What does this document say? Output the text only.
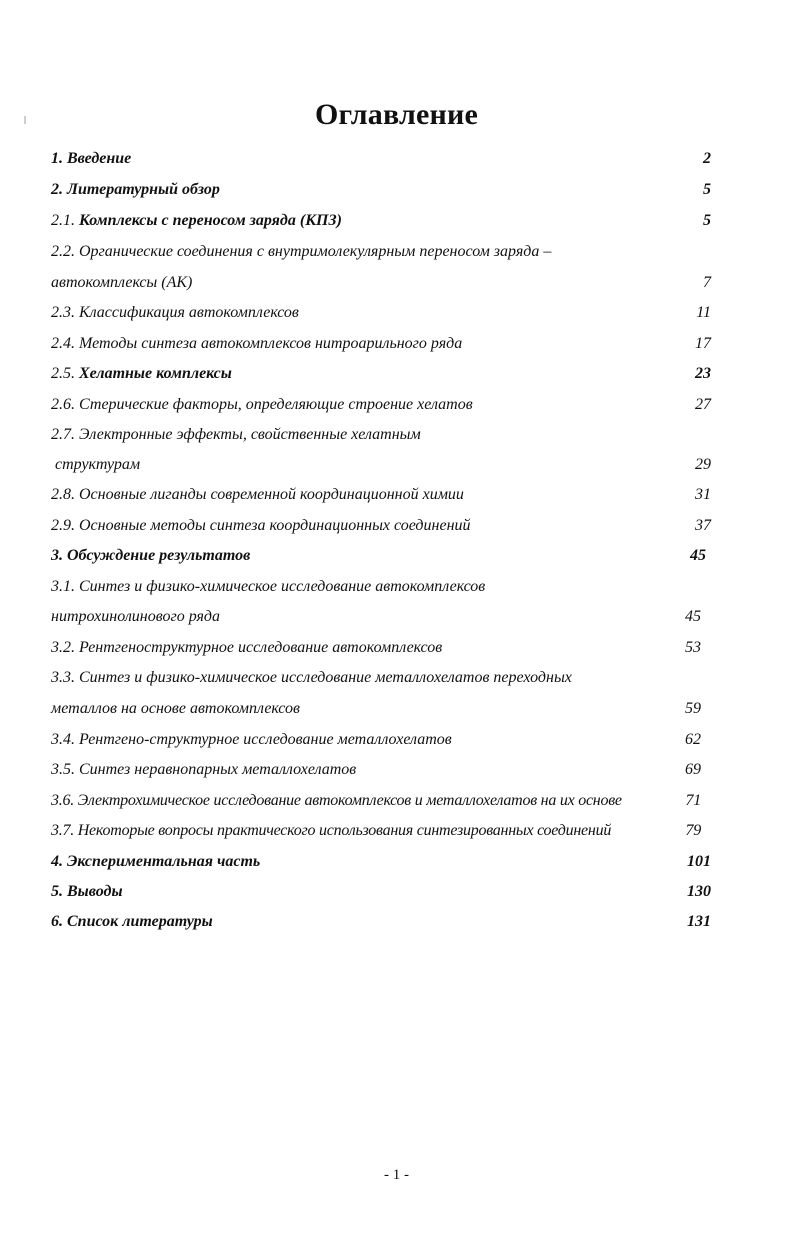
Оглавление
1. Введение	2
2. Литературный обзор	5
2.1. Комплексы с переносом заряда (КПЗ)	5
2.2. Органические соединения с внутримолекулярным переносом заряда –
автокомплексы (АК)	7
2.3. Классификация автокомплексов	11
2.4. Методы синтеза автокомплексов нитроарильного ряда	17
2.5. Хелатные комплексы	23
2.6. Стерические факторы, определяющие строение хелатов	27
2.7. Электронные эффекты, свойственные хелатным
структурам	29
2.8. Основные лиганды современной координационной химии	31
2.9. Основные методы синтеза координационных соединений	37
3. Обсуждение результатов	45
3.1. Синтез и физико-химическое исследование автокомплексов
нитрохинолинового ряда	45
3.2. Рентгеноструктурное исследование автокомплексов	53
3.3. Синтез и физико-химическое исследование металлохелатов переходных
металлов на основе автокомплексов	59
3.4. Рентгено-структурное исследование металлохелатов	62
3.5. Синтез неравнопарных металлохелатов	69
3.6. Электрохимическое исследование автокомплексов и металлохелатов на их основе	71
3.7. Некоторые вопросы практического использования синтезированных соединений	79
4. Экспериментальная часть	101
5. Выводы	130
6. Список литературы	131
- 1 -
